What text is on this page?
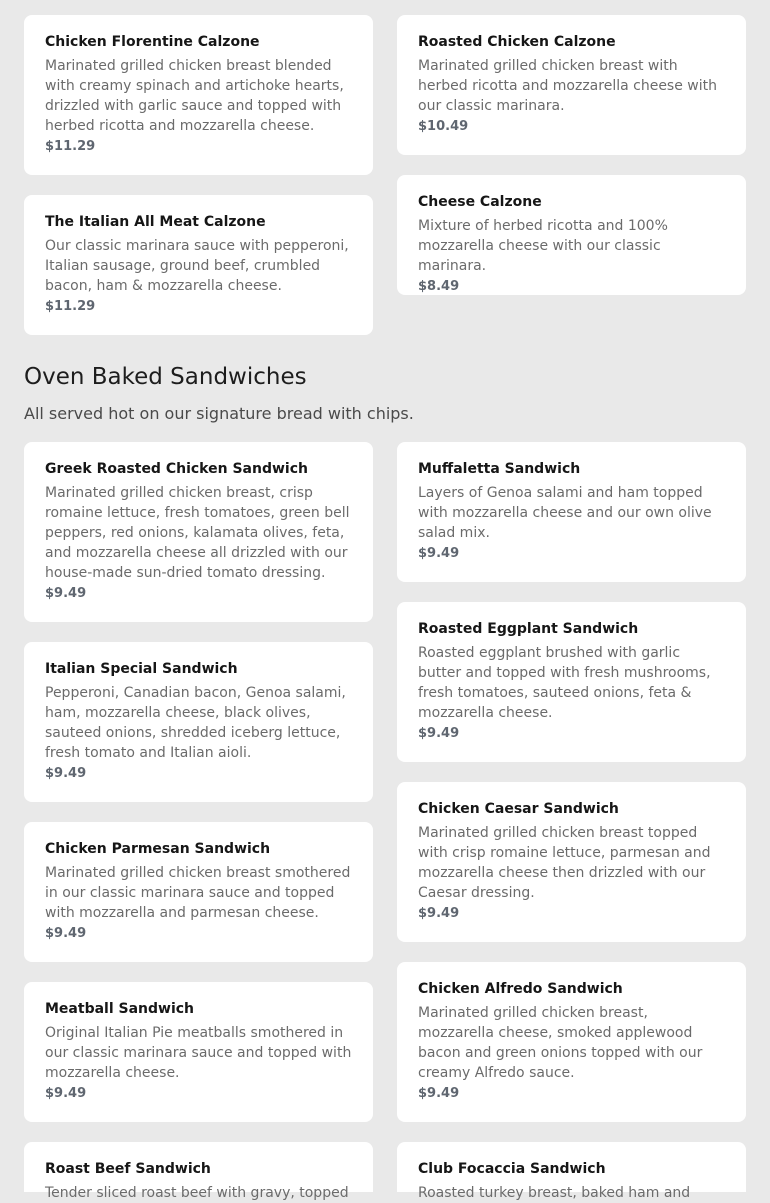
Chicken Florentine Calzone
Marinated grilled chicken breast blended with creamy spinach and artichoke hearts, drizzled with garlic sauce and topped with herbed ricotta and mozzarella cheese.
$11.29
The Italian All Meat Calzone
Our classic marinara sauce with pepperoni, Italian sausage, ground beef, crumbled bacon, ham & mozzarella cheese.
$11.29
Roasted Chicken Calzone
Marinated grilled chicken breast with herbed ricotta and mozzarella cheese with our classic marinara.
$10.49
Cheese Calzone
Mixture of herbed ricotta and 100% mozzarella cheese with our classic marinara.
$8.49
Oven Baked Sandwiches
All served hot on our signature bread with chips.
Greek Roasted Chicken Sandwich
Marinated grilled chicken breast, crisp romaine lettuce, fresh tomatoes, green bell peppers, red onions, kalamata olives, feta, and mozzarella cheese all drizzled with our house-made sun-dried tomato dressing.
$9.49
Italian Special Sandwich
Pepperoni, Canadian bacon, Genoa salami, ham, mozzarella cheese, black olives, sauteed onions, shredded iceberg lettuce, fresh tomato and Italian aioli.
$9.49
Chicken Parmesan Sandwich
Marinated grilled chicken breast smothered in our classic marinara sauce and topped with mozzarella and parmesan cheese.
$9.49
Meatball Sandwich
Original Italian Pie meatballs smothered in our classic marinara sauce and topped with mozzarella cheese.
$9.49
Roast Beef Sandwich
Tender sliced roast beef with gravy, topped
Muffaletta Sandwich
Layers of Genoa salami and ham topped with mozzarella cheese and our own olive salad mix.
$9.49
Roasted Eggplant Sandwich
Roasted eggplant brushed with garlic butter and topped with fresh mushrooms, fresh tomatoes, sauteed onions, feta & mozzarella cheese.
$9.49
Chicken Caesar Sandwich
Marinated grilled chicken breast topped with crisp romaine lettuce, parmesan and mozzarella cheese then drizzled with our Caesar dressing.
$9.49
Chicken Alfredo Sandwich
Marinated grilled chicken breast, mozzarella cheese, smoked applewood bacon and green onions topped with our creamy Alfredo sauce.
$9.49
Club Focaccia Sandwich
Roasted turkey breast, baked ham and
